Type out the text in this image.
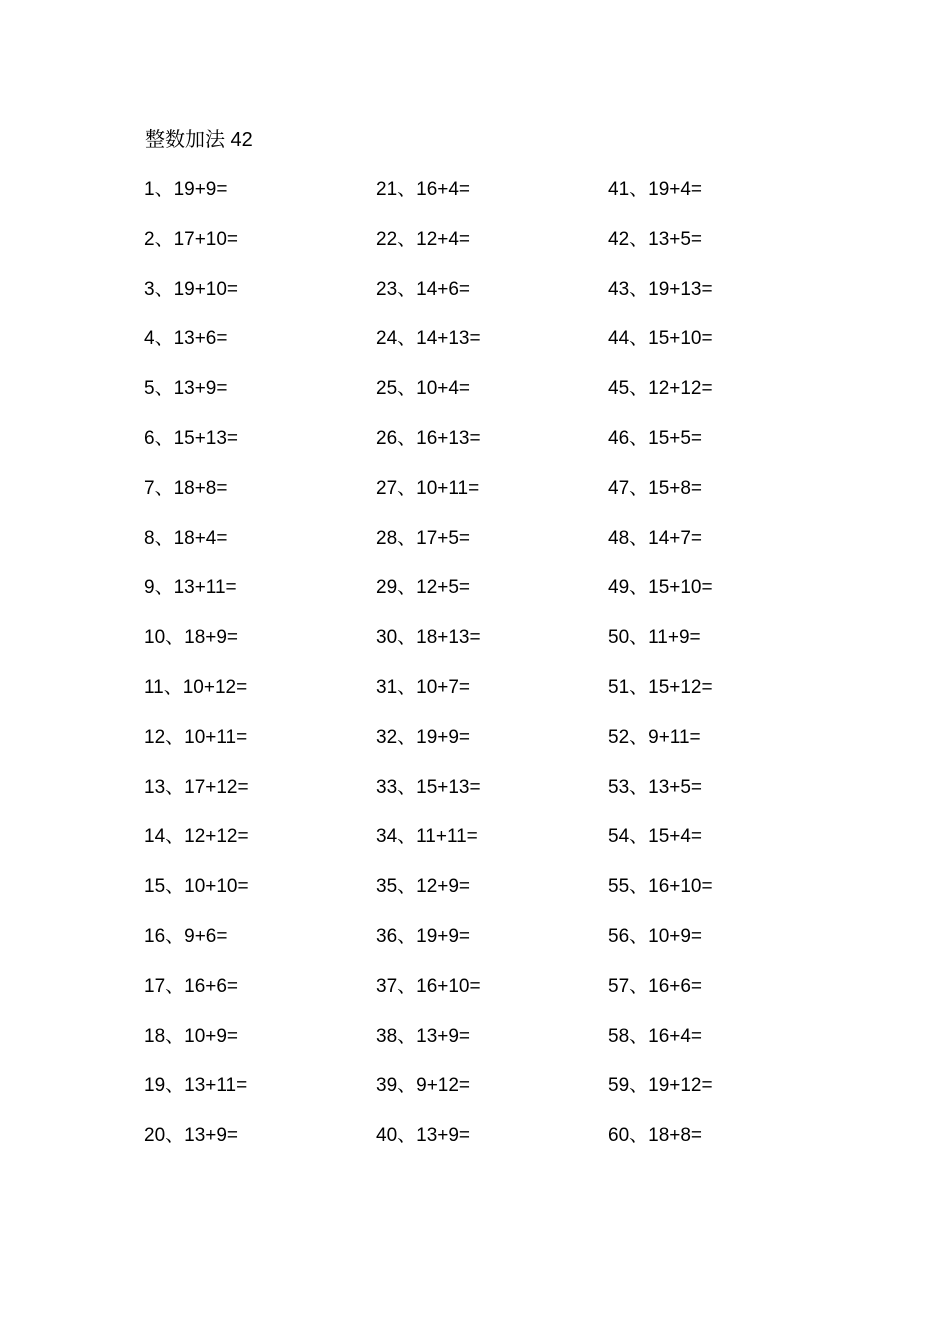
整数加法 42
1、19+9=
2、17+10=
3、19+10=
4、13+6=
5、13+9=
6、15+13=
7、18+8=
8、18+4=
9、13+11=
10、18+9=
11、10+12=
12、10+11=
13、17+12=
14、12+12=
15、10+10=
16、9+6=
17、16+6=
18、10+9=
19、13+11=
20、13+9=
21、16+4=
22、12+4=
23、14+6=
24、14+13=
25、10+4=
26、16+13=
27、10+11=
28、17+5=
29、12+5=
30、18+13=
31、10+7=
32、19+9=
33、15+13=
34、11+11=
35、12+9=
36、19+9=
37、16+10=
38、13+9=
39、9+12=
40、13+9=
41、19+4=
42、13+5=
43、19+13=
44、15+10=
45、12+12=
46、15+5=
47、15+8=
48、14+7=
49、15+10=
50、11+9=
51、15+12=
52、9+11=
53、13+5=
54、15+4=
55、16+10=
56、10+9=
57、16+6=
58、16+4=
59、19+12=
60、18+8=
